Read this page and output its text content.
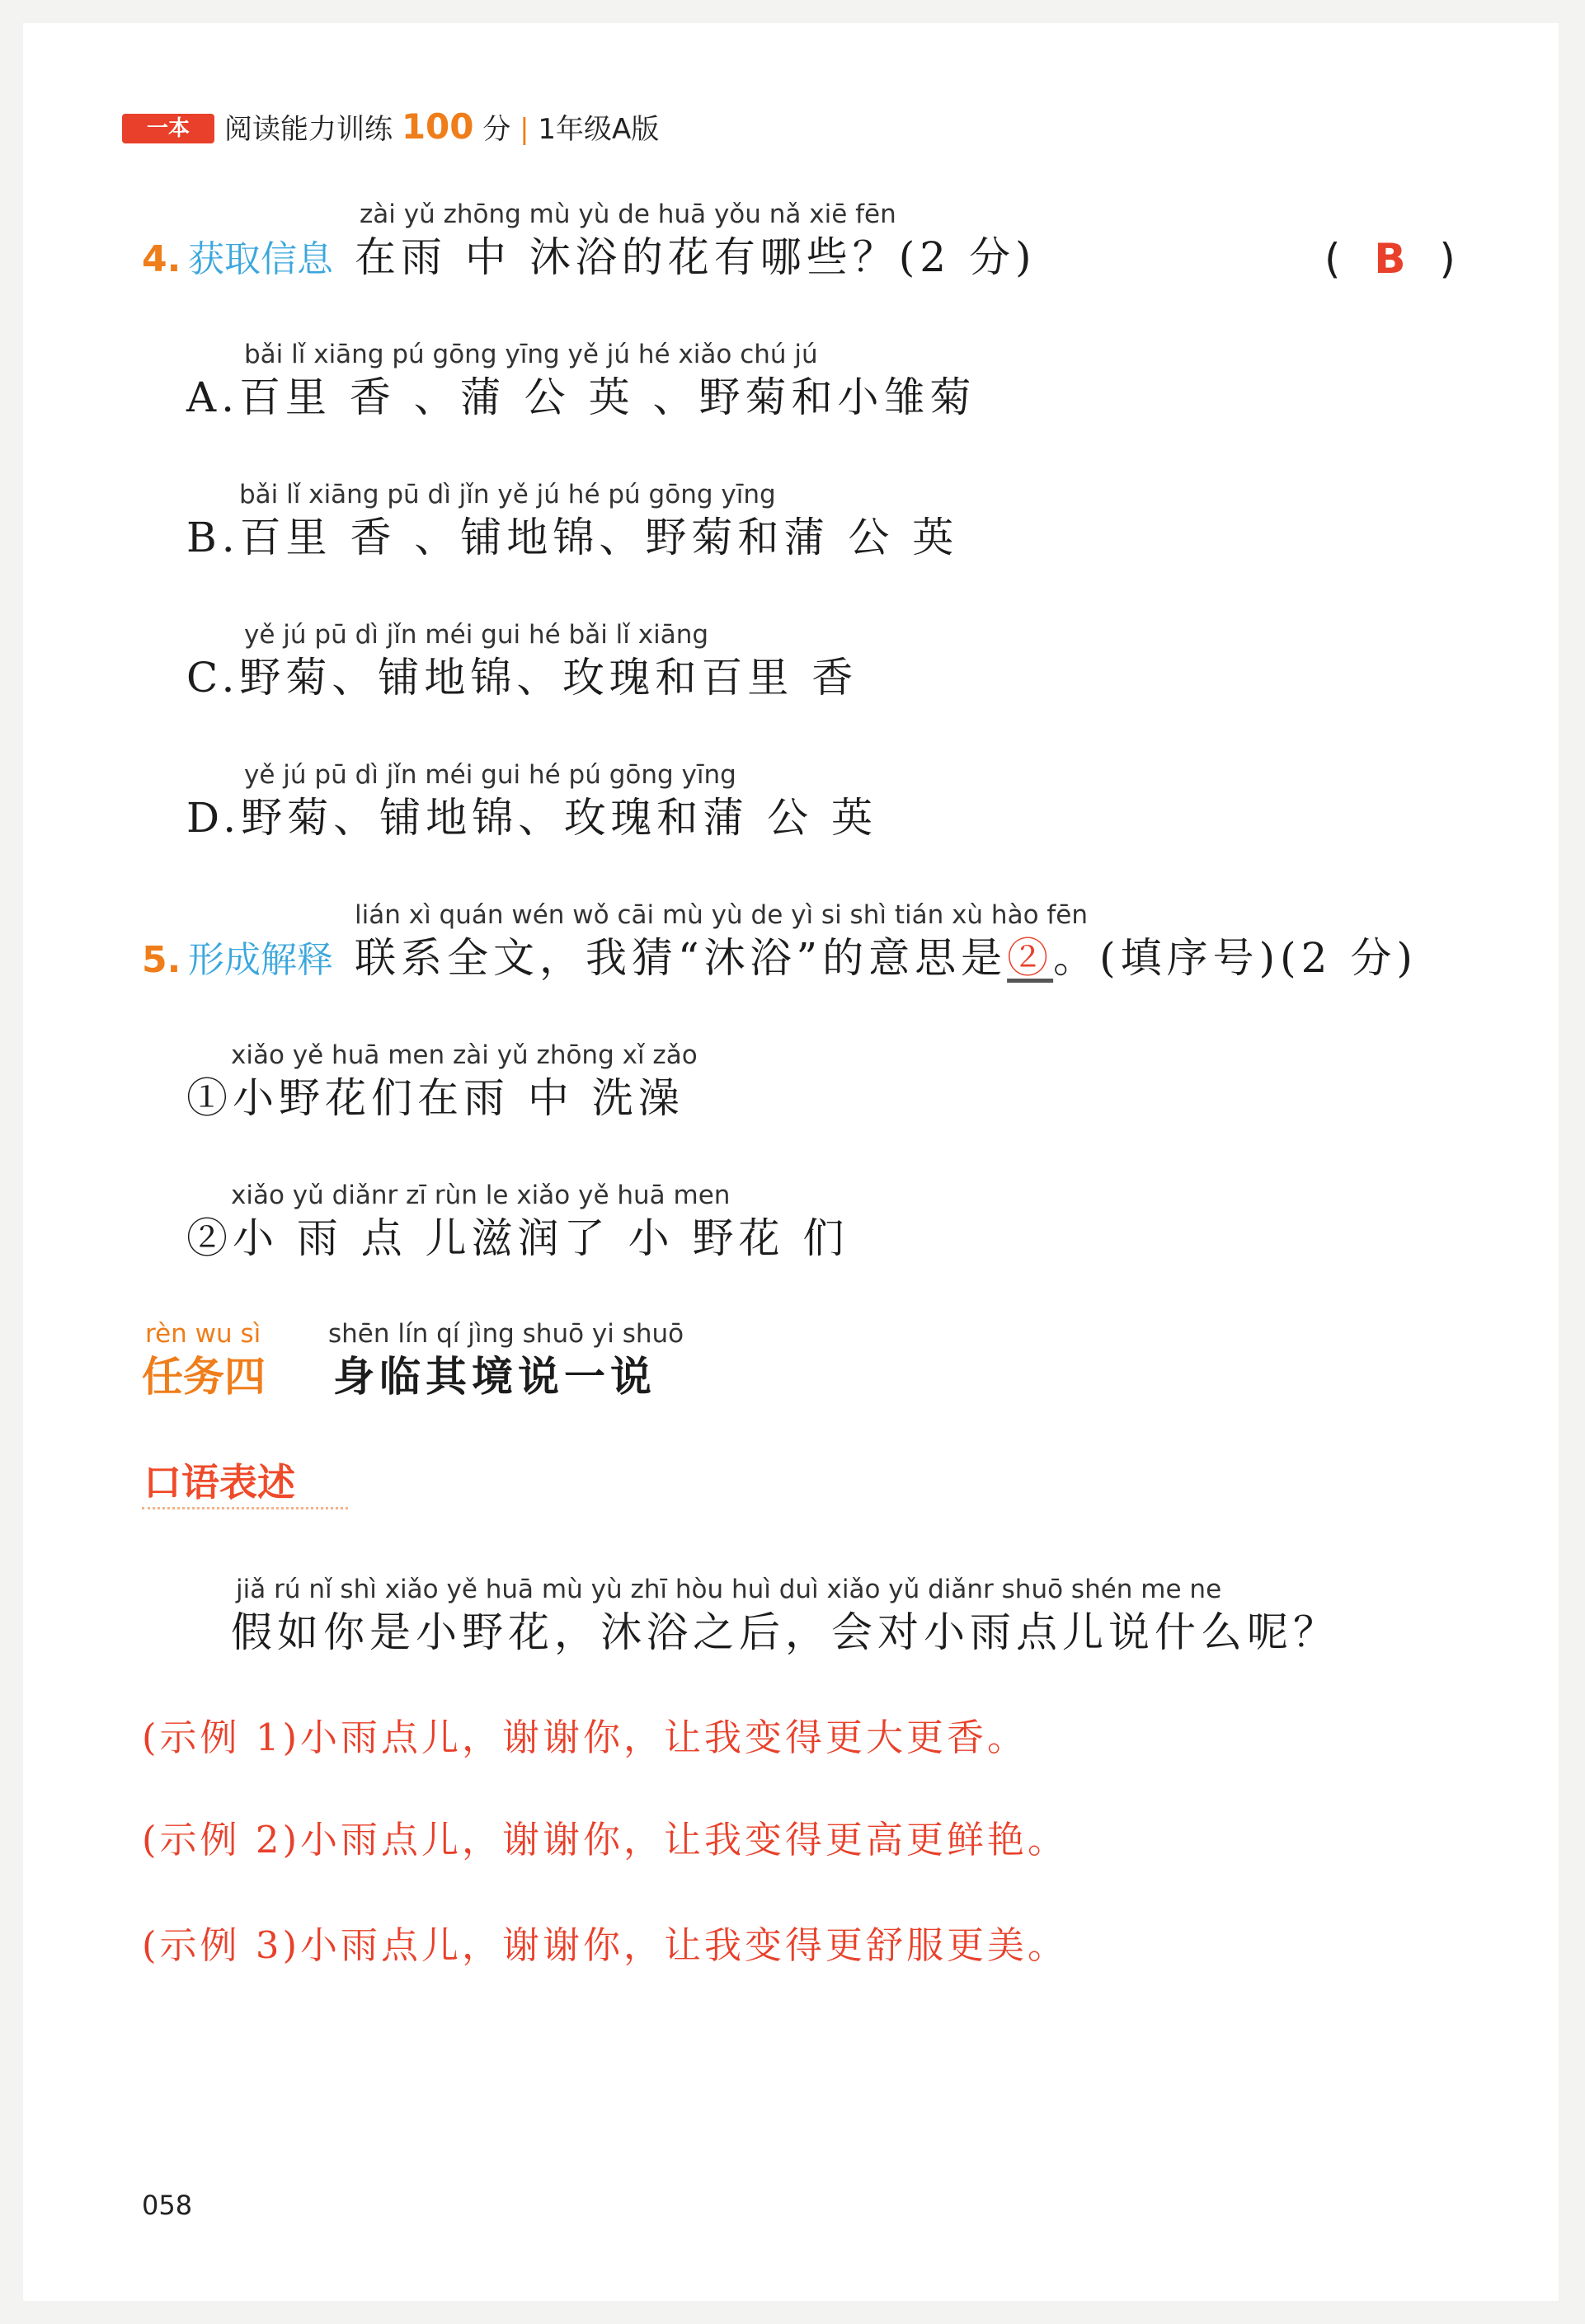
一本	阅读能力训练 100 分 | 1年级A版
zài yǔ zhōng mù yù de huā yǒu nǎ xiē fēn
4. 获取信息 在雨 中 沐浴的花有哪些？(2 分)	( B )
bǎi lǐ xiāng pú gōng yīng yě jú hé xiǎo chú jú
A.百里 香 、蒲 公 英 、野菊和小雏菊
bǎi lǐ xiāng pū dì jǐn yě jú hé pú gōng yīng
B.百里 香 、铺地锦、野菊和蒲 公 英
yě jú pū dì jǐn méi gui hé bǎi lǐ xiāng
C.野菊、铺地锦、玫瑰和百里 香
yě jú pū dì jǐn méi gui hé pú gōng yīng
D.野菊、铺地锦、玫瑰和蒲 公 英
lián xì quán wén wǒ cāi mù yù de yì si shì tián xù hào fēn
5. 形成解释 联系全文，我猜“沐浴”的意思是②。(填序号)(2 分)
xiǎo yě huā men zài yǔ zhōng xǐ zǎo
①小野花们在雨 中 洗澡
xiǎo yǔ diǎnr zī rùn le xiǎo yě huā men
②小 雨 点 儿滋润了 小 野花 们
rèn wu sì	shēn lín qí jìng shuō yi shuō
任务四 身临其境说一说
口语表述
jiǎ rú nǐ shì xiǎo yě huā mù yù zhī hòu huì duì xiǎo yǔ diǎnr shuō shén me ne
假如你是小野花，沐浴之后，会对小雨点儿说什么呢？
(示例 1)小雨点儿，谢谢你，让我变得更大更香。
(示例 2)小雨点儿，谢谢你，让我变得更高更鲜艳。
(示例 3)小雨点儿，谢谢你，让我变得更舒服更美。
058
